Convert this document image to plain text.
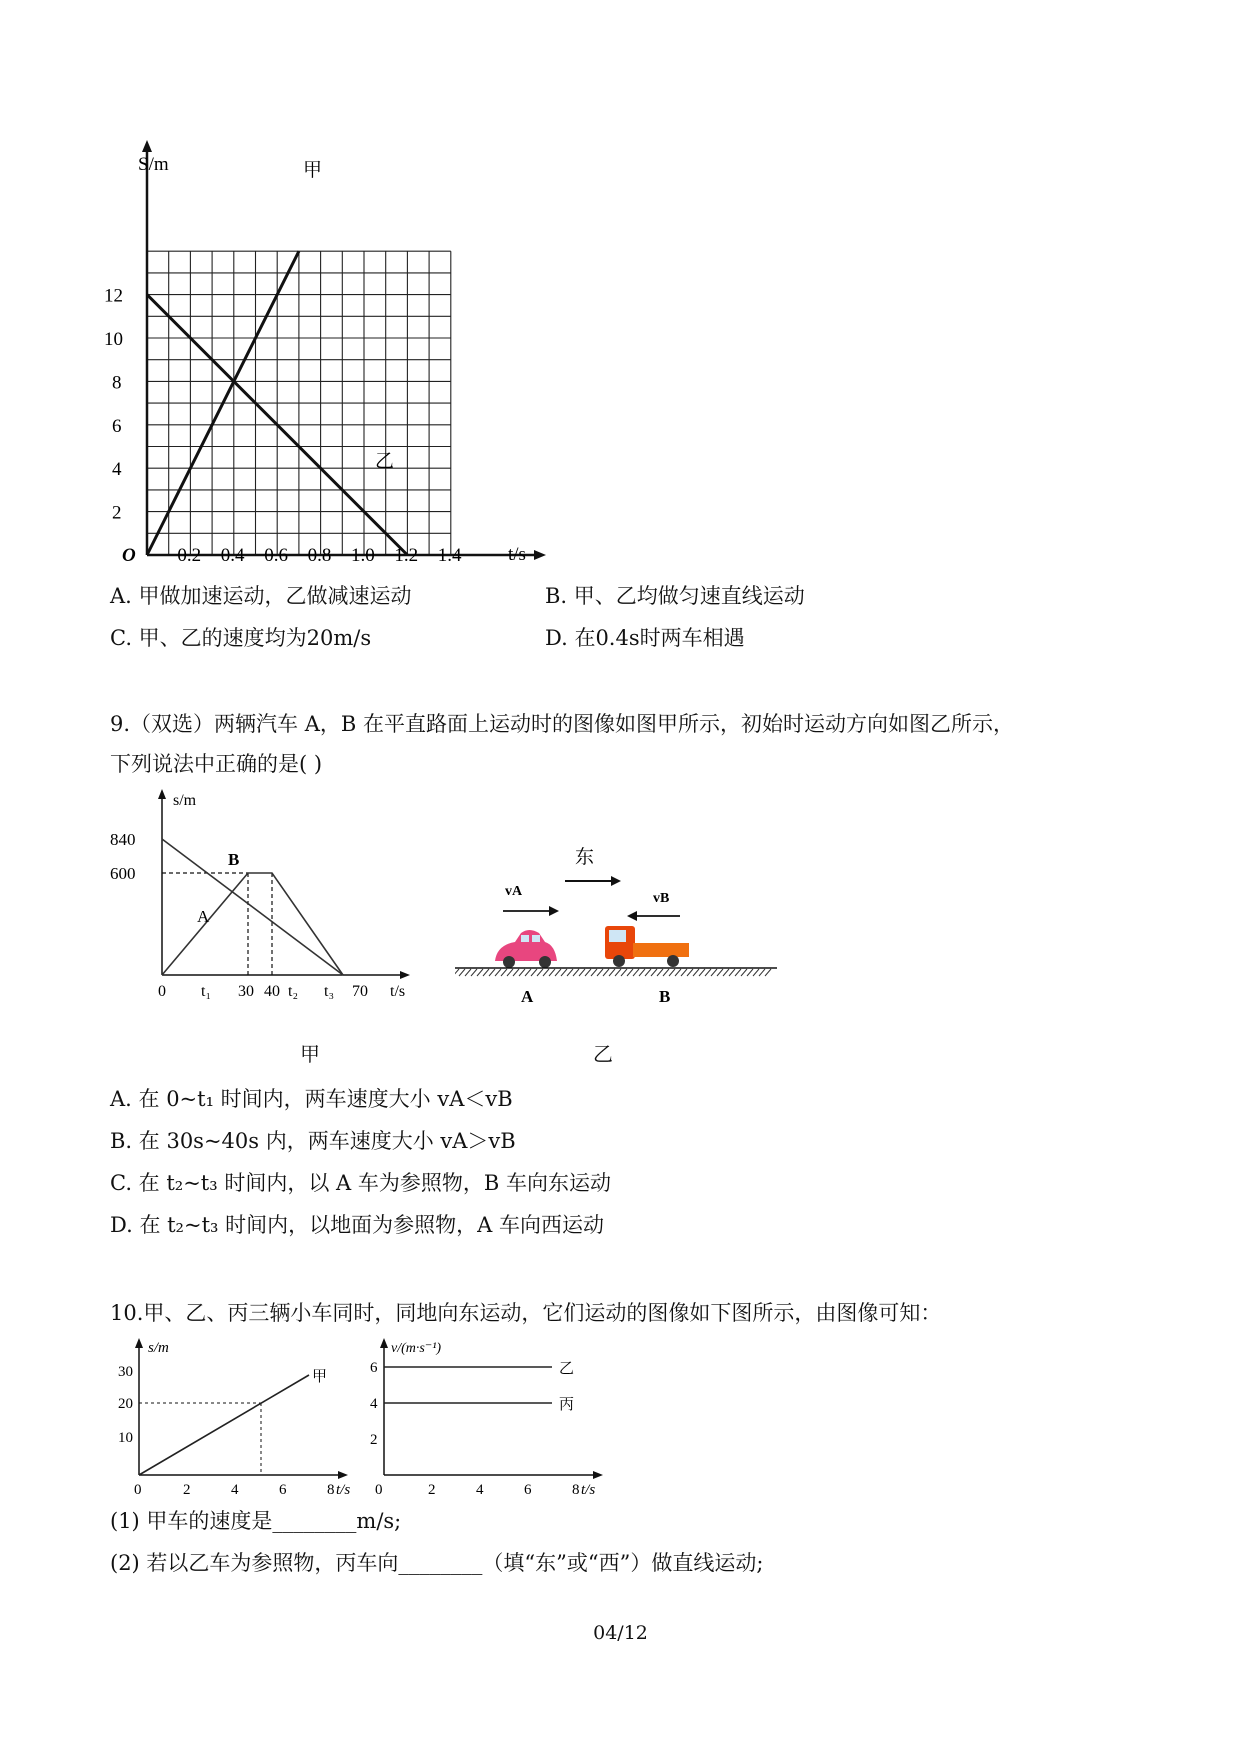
0.2 0.4 0.6 0.8 1.0 1.2 1.4
2
4
6
8
10
12
S/m
t/s
O
甲
乙
A. 甲做加速运动，乙做减速运动	B. 甲、乙均做匀速直线运动
C. 甲、乙的速度均为20m/s	D. 在0.4s时两车相遇
9.（双选）两辆汽车 A，B 在平直路面上运动时的图像如图甲所示，初始时运动方向如图乙所示，
下列说法中正确的是( )
s/m
840
600
B
A
0 t₁ 30 40 t₂ t₃ 70 t/s
甲
东
vA	vB
A	B
乙
A. 在 0~t₁ 时间内，两车速度大小 vA＜vB
B. 在 30s~40s 内，两车速度大小 vA＞vB
C. 在 t₂~t₃ 时间内，以 A 车为参照物，B 车向东运动
D. 在 t₂~t₃ 时间内，以地面为参照物，A 车向西运动
10.甲、乙、丙三辆小车同时，同地向东运动，它们运动的图像如下图所示，由图像可知：
s/m
甲
30
20
10
0	2	4	6	8 t/s
v/(m·s⁻¹)
乙
丙
6
4
2
0	2	4	6	8 t/s
(1) 甲车的速度是________m/s;
(2) 若以乙车为参照物，丙车向________（填“东”或“西”）做直线运动;
04/12
